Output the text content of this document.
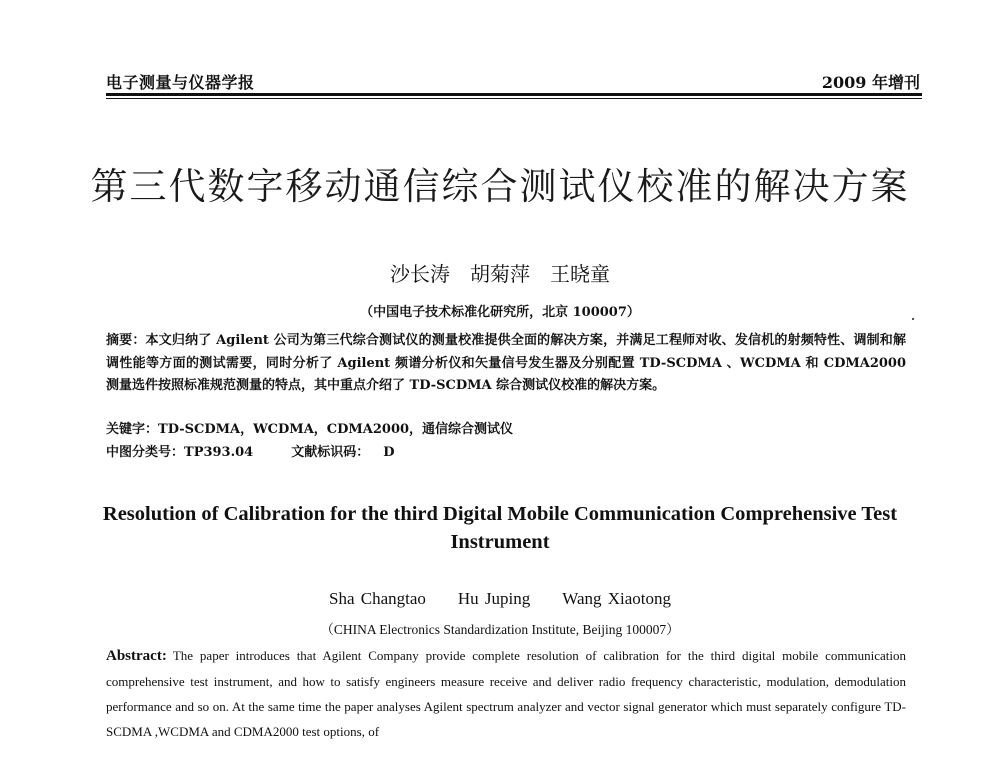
电子测量与仪器学报	2009 年增刊
第三代数字移动通信综合测试仪校准的解决方案
沙长涛　胡菊萍　王晓童
（中国电子技术标准化研究所，北京 100007）
摘要：本文归纳了 Agilent 公司为第三代综合测试仪的测量校准提供全面的解决方案，并满足工程师对收、发信机的射频特性、调制和解调性能等方面的测试需要，同时分析了 Agilent 频谱分析仪和矢量信号发生器及分别配置 TD-SCDMA 、WCDMA 和 CDMA2000 测量选件按照标准规范测量的特点，其中重点介绍了 TD-SCDMA 综合测试仪校准的解决方案。
关键字：TD-SCDMA，WCDMA，CDMA2000，通信综合测试仪
中图分类号：TP393.04	文献标识码： D
Resolution of Calibration for the third Digital Mobile Communication Comprehensive Test Instrument
Sha Changtao Hu Juping Wang Xiaotong
（CHINA Electronics Standardization Institute, Beijing 100007）
Abstract: The paper introduces that Agilent Company provide complete resolution of calibration for the third digital mobile communication comprehensive test instrument, and how to satisfy engineers measure receive and deliver radio frequency characteristic, modulation, demodulation performance and so on. At the same time the paper analyses Agilent spectrum analyzer and vector signal generator which must separately configure TD-SCDMA ,WCDMA and CDMA2000 test options, of
